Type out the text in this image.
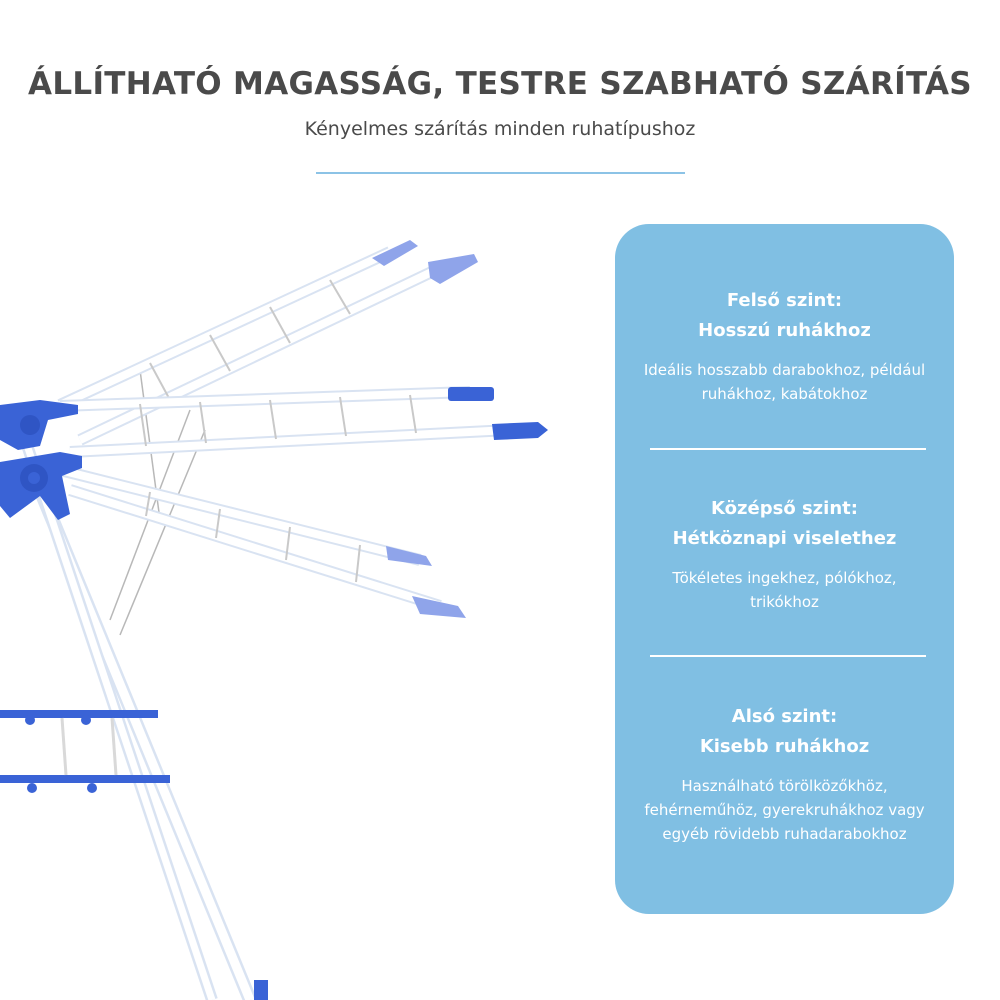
ÁLLÍTHATÓ MAGASSÁG, TESTRE SZABHATÓ SZÁRÍTÁS

Kényelmes szárítás minden ruhatípushoz

Felső szint:
Hosszú ruhákhoz

Ideális hosszabb darabokhoz, például ruhákhoz, kabátokhoz

Középső szint:
Hétköznapi viselethez

Tökéletes ingekhez, pólókhoz, trikókhoz

Alsó szint:
Kisebb ruhákhoz

Használható törölközőkhöz, fehérneműhöz, gyerekruhákhoz vagy egyéb rövidebb ruhadarabokhoz
